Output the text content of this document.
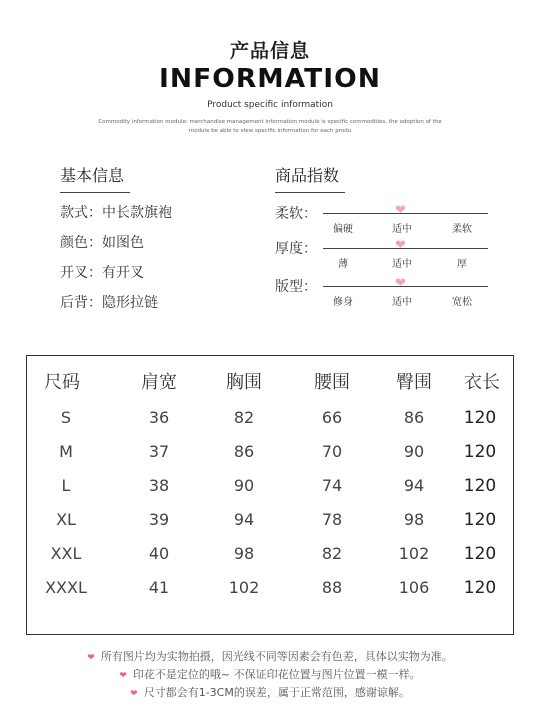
产品信息
INFORMATION
Product specific information
Commodity information module: merchandise management information module is specific commodities, the adoption of the module be able to view specific information for each produ
基本信息	商品指数
款式：中长款旗袍
颜色：如图色
开叉：有开叉
后背：隐形拉链
柔软：	❤
偏硬	适中	柔软
厚度：	❤
薄	适中	厚
版型：	❤
修身	适中	宽松
尺码	肩宽	胸围	腰围	臀围	衣长
S	36	82	66	86	120
M	37	86	70	90	120
L	38	90	74	94	120
XL	39	94	78	98	120
XXL	40	98	82	102	120
XXXL	41	102	88	106	120
❤ 所有图片均为实物拍摄，因光线不同等因素会有色差，具体以实物为准。
❤ 印花不是定位的哦~ 不保证印花位置与图片位置一模一样。
❤ 尺寸都会有1-3CM的误差，属于正常范围，感谢谅解。
